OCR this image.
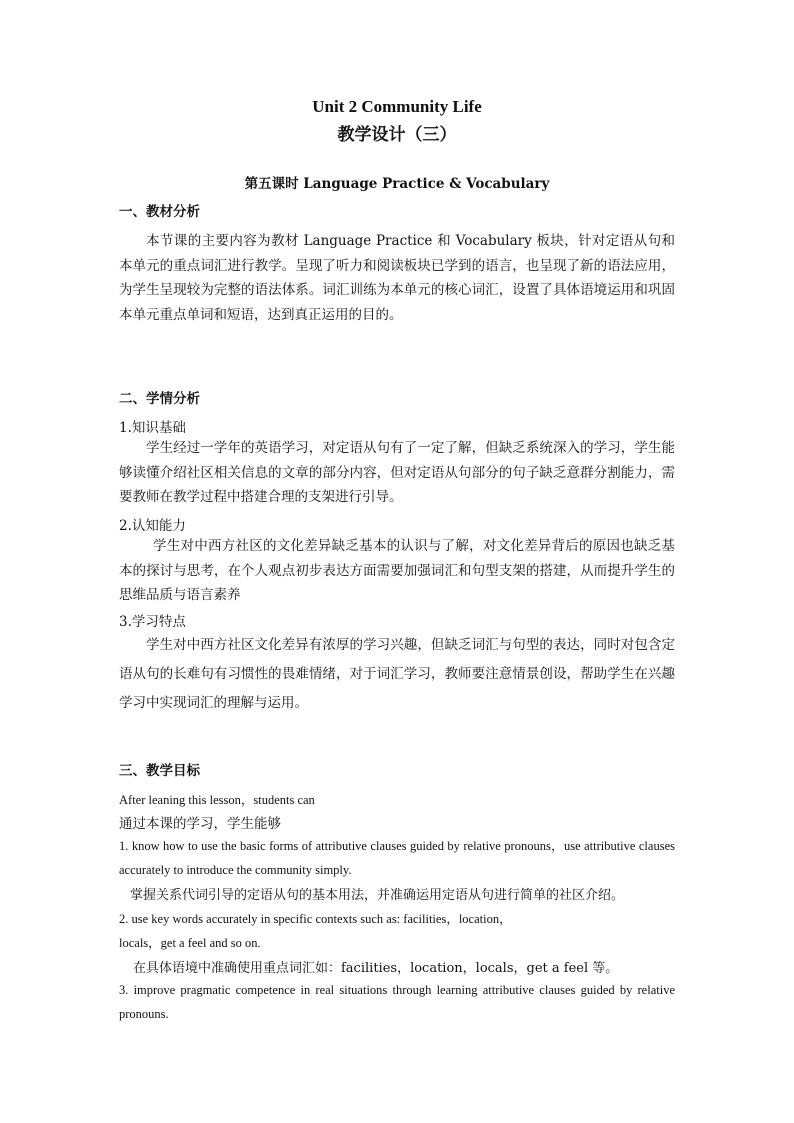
Unit 2 Community Life
教学设计（三）
第五课时 Language Practice & Vocabulary
一、教材分析
本节课的主要内容为教材 Language Practice 和 Vocabulary 板块，针对定语从句和本单元的重点词汇进行教学。呈现了听力和阅读板块已学到的语言，也呈现了新的语法应用，为学生呈现较为完整的语法体系。词汇训练为本单元的核心词汇，设置了具体语境运用和巩固本单元重点单词和短语，达到真正运用的目的。
二、学情分析
1.知识基础
学生经过一学年的英语学习，对定语从句有了一定了解，但缺乏系统深入的学习，学生能够读懂介绍社区相关信息的文章的部分内容，但对定语从句部分的句子缺乏意群分割能力，需要教师在教学过程中搭建合理的支架进行引导。
2.认知能力
学生对中西方社区的文化差异缺乏基本的认识与了解，对文化差异背后的原因也缺乏基本的探讨与思考，在个人观点初步表达方面需要加强词汇和句型支架的搭建，从而提升学生的思维品质与语言素养
3.学习特点
学生对中西方社区文化差异有浓厚的学习兴趣，但缺乏词汇与句型的表达，同时对包含定语从句的长难句有习惯性的畏难情绪，对于词汇学习，教师要注意情景创设，帮助学生在兴趣学习中实现词汇的理解与运用。
三、教学目标
After leaning this lesson，students can
通过本课的学习，学生能够
1. know how to use the basic forms of attributive clauses guided by relative pronouns，use attributive clauses accurately to introduce the community simply.
掌握关系代词引导的定语从句的基本用法，并准确运用定语从句进行简单的社区介绍。
2. use key words accurately in specific contexts such as: facilities，location，
locals，get a feel and so on.
在具体语境中准确使用重点词汇如：facilities，location，locals，get a feel 等。
3. improve pragmatic competence in real situations through learning attributive clauses guided by relative pronouns.
